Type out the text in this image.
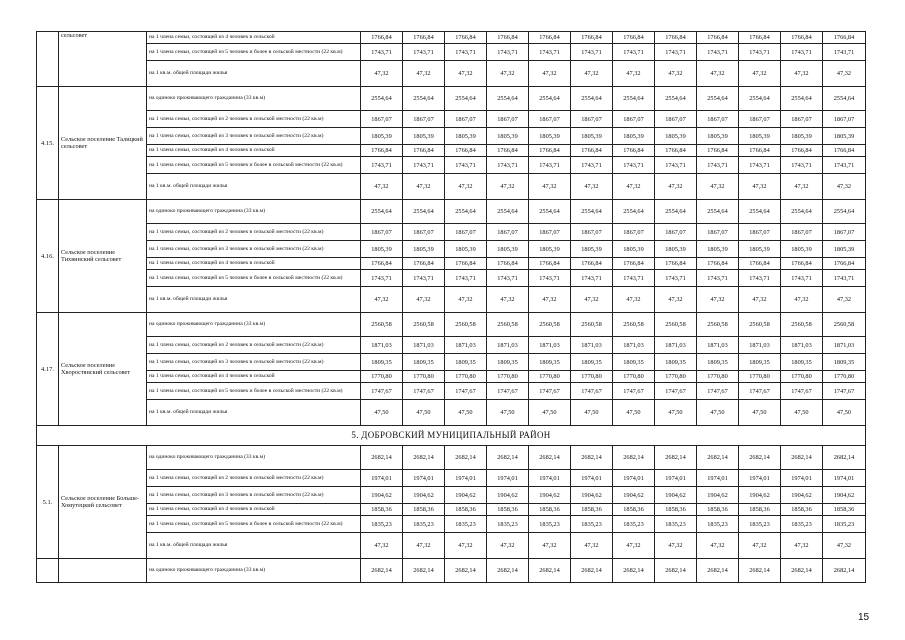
	сельсовет	на 1 члена семьи, состоящей из 4 человек в сельской	1766,84	1766,84	1766,84	1766,84	1766,84	1766,84	1766,84	1766,84	1766,84	1766,84	1766,84	1766,84
		на 1 члена семьи, состоящей из 5 человек и более в сельской местности (22 кв.м)	1743,71	1743,71	1743,71	1743,71	1743,71	1743,71	1743,71	1743,71	1743,71	1743,71	1743,71	1743,71
		на 1 кв.м. общей площади жилья	47,32	47,32	47,32	47,32	47,32	47,32	47,32	47,32	47,32	47,32	47,32	47,32
4.15.	Сельское поселение Талицкий сельсовет	на одиноко проживающего гражданина (33 кв.м)	2554,64	2554,64	2554,64	2554,64	2554,64	2554,64	2554,64	2554,64	2554,64	2554,64	2554,64	2554,64
		на 1 члена семьи, состоящей из 2 человек в сельской местности (22 кв.м)	1867,07	1867,07	1867,07	1867,07	1867,07	1867,07	1867,07	1867,07	1867,07	1867,07	1867,07	1867,07
		на 1 члена семьи, состоящей из 3 человек в сельской местности (22 кв.м)	1805,39	1805,39	1805,39	1805,39	1805,39	1805,39	1805,39	1805,39	1805,39	1805,39	1805,39	1805,39
		на 1 члена семьи, состоящей из 4 человек в сельской	1766,84	1766,84	1766,84	1766,84	1766,84	1766,84	1766,84	1766,84	1766,84	1766,84	1766,84	1766,84
		на 1 члена семьи, состоящей из 5 человек и более в сельской местности (22 кв.м)	1743,71	1743,71	1743,71	1743,71	1743,71	1743,71	1743,71	1743,71	1743,71	1743,71	1743,71	1743,71
		на 1 кв.м. общей площади жилья	47,32	47,32	47,32	47,32	47,32	47,32	47,32	47,32	47,32	47,32	47,32	47,32
4.16.	Сельское поселение Тихвинский сельсовет	на одиноко проживающего гражданина (33 кв.м)	2554,64	2554,64	2554,64	2554,64	2554,64	2554,64	2554,64	2554,64	2554,64	2554,64	2554,64	2554,64
		на 1 члена семьи, состоящей из 2 человек в сельской местности (22 кв.м)	1867,07	1867,07	1867,07	1867,07	1867,07	1867,07	1867,07	1867,07	1867,07	1867,07	1867,07	1867,07
		на 1 члена семьи, состоящей из 3 человек в сельской местности (22 кв.м)	1805,39	1805,39	1805,39	1805,39	1805,39	1805,39	1805,39	1805,39	1805,39	1805,39	1805,39	1805,39
		на 1 члена семьи, состоящей из 4 человек в сельской	1766,84	1766,84	1766,84	1766,84	1766,84	1766,84	1766,84	1766,84	1766,84	1766,84	1766,84	1766,84
		на 1 члена семьи, состоящей из 5 человек и более в сельской местности (22 кв.м)	1743,71	1743,71	1743,71	1743,71	1743,71	1743,71	1743,71	1743,71	1743,71	1743,71	1743,71	1743,71
		на 1 кв.м. общей площади жилья	47,32	47,32	47,32	47,32	47,32	47,32	47,32	47,32	47,32	47,32	47,32	47,32
4.17.	Сельское поселение Хворостянский сельсовет	на одиноко проживающего гражданина (33 кв.м)	2560,58	2560,58	2560,58	2560,58	2560,58	2560,58	2560,58	2560,58	2560,58	2560,58	2560,58	2560,58
		на 1 члена семьи, состоящей из 2 человек в сельской местности (22 кв.м)	1871,03	1871,03	1871,03	1871,03	1871,03	1871,03	1871,03	1871,03	1871,03	1871,03	1871,03	1871,03
		на 1 члена семьи, состоящей из 3 человек в сельской местности (22 кв.м)	1809,35	1809,35	1809,35	1809,35	1809,35	1809,35	1809,35	1809,35	1809,35	1809,35	1809,35	1809,35
		на 1 члена семьи, состоящей из 4 человек в сельской	1770,80	1770,80	1770,80	1770,80	1770,80	1770,80	1770,80	1770,80	1770,80	1770,80	1770,80	1770,80
		на 1 члена семьи, состоящей из 5 человек и более в сельской местности (22 кв.м)	1747,67	1747,67	1747,67	1747,67	1747,67	1747,67	1747,67	1747,67	1747,67	1747,67	1747,67	1747,67
		на 1 кв.м. общей площади жилья	47,50	47,50	47,50	47,50	47,50	47,50	47,50	47,50	47,50	47,50	47,50	47,50
5. ДОБРОВСКИЙ МУНИЦИПАЛЬНЫЙ РАЙОН														
5.1.	Сельское поселение Больше-Хомутецкий сельсовет	на одиноко проживающего гражданина (33 кв.м)	2682,14	2682,14	2682,14	2682,14	2682,14	2682,14	2682,14	2682,14	2682,14	2682,14	2682,14	2682,14
		на 1 члена семьи, состоящей из 2 человек в сельской местности (22 кв.м)	1974,01	1974,01	1974,01	1974,01	1974,01	1974,01	1974,01	1974,01	1974,01	1974,01	1974,01	1974,01
		на 1 члена семьи, состоящей из 3 человек в сельской местности (22 кв.м)	1904,62	1904,62	1904,62	1904,62	1904,62	1904,62	1904,62	1904,62	1904,62	1904,62	1904,62	1904,62
		на 1 члена семьи, состоящей из 4 человек в сельской	1858,36	1858,36	1858,36	1858,36	1858,36	1858,36	1858,36	1858,36	1858,36	1858,36	1858,36	1858,36
		на 1 члена семьи, состоящей из 5 человек и более в сельской местности (22 кв.м)	1835,23	1835,23	1835,23	1835,23	1835,23	1835,23	1835,23	1835,23	1835,23	1835,23	1835,23	1835,23
		на 1 кв.м. общей площади жилья	47,32	47,32	47,32	47,32	47,32	47,32	47,32	47,32	47,32	47,32	47,32	47,32
		на одиноко проживающего гражданина (33 кв.м)	2682,14	2682,14	2682,14	2682,14	2682,14	2682,14	2682,14	2682,14	2682,14	2682,14	2682,14	2682,14
15
